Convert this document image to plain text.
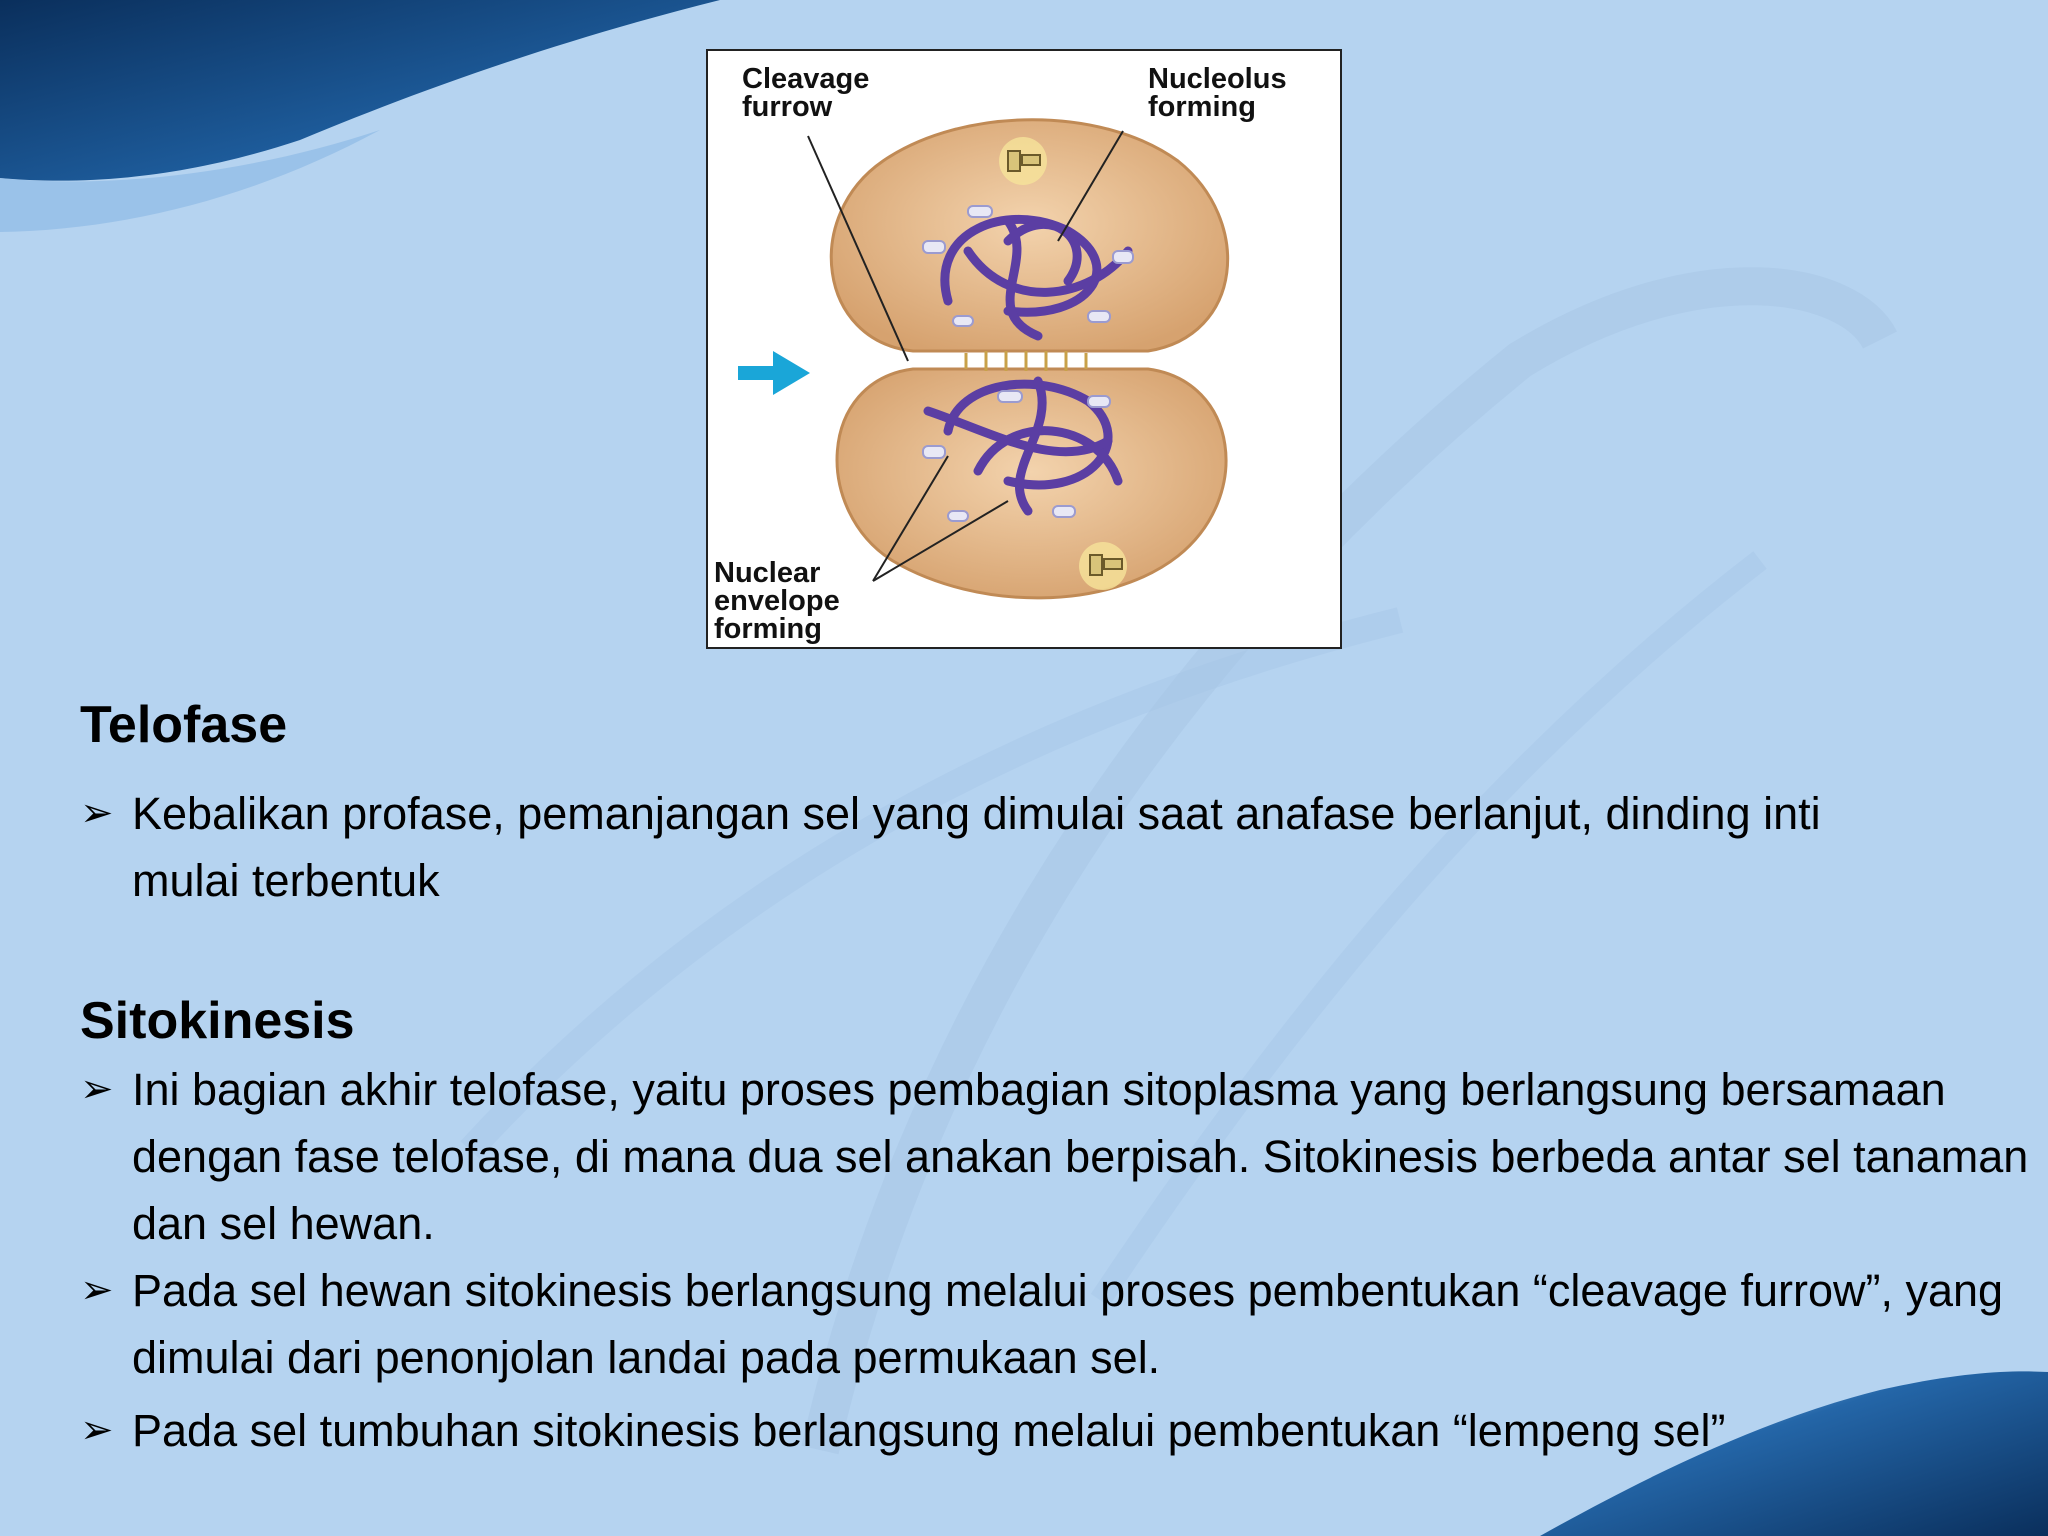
Cleavage
furrow
Nucleolus
forming
Nuclear
envelope
forming
Telofase
➢ Kebalikan profase, pemanjangan sel yang dimulai saat anafase berlanjut, dinding inti mulai terbentuk
Sitokinesis
➢ Ini bagian akhir telofase, yaitu proses pembagian sitoplasma yang berlangsung bersamaan dengan fase telofase, di mana dua sel anakan berpisah. Sitokinesis berbeda antar sel tanaman dan sel hewan.
➢ Pada sel hewan sitokinesis berlangsung melalui proses pembentukan “cleavage furrow”, yang dimulai dari penonjolan landai pada permukaan sel.
➢ Pada sel tumbuhan sitokinesis berlangsung melalui pembentukan “lempeng sel”
